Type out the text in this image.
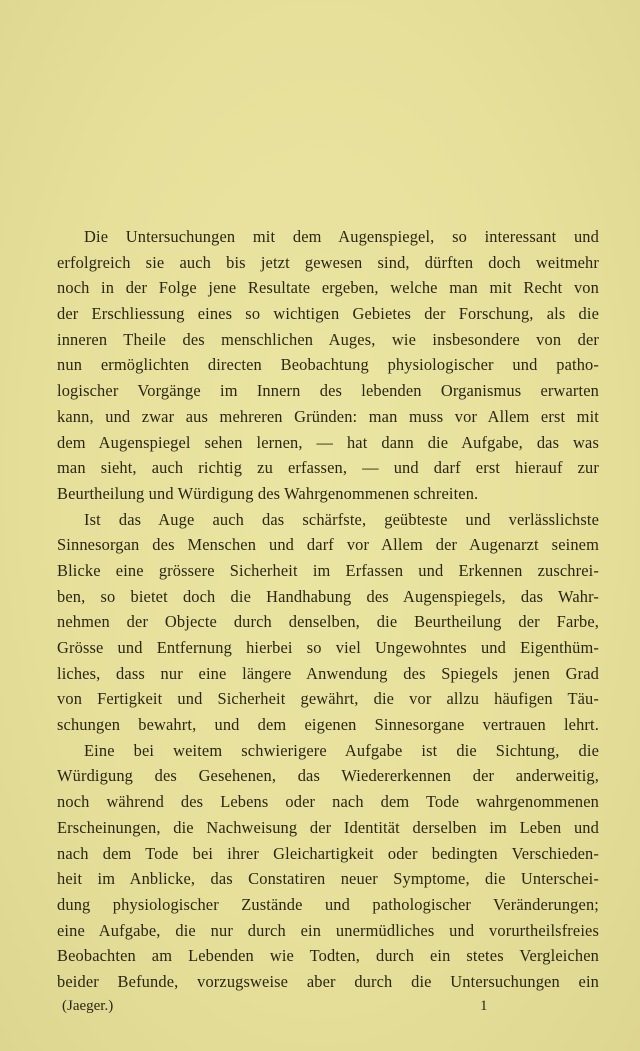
Die Untersuchungen mit dem Augenspiegel, so interessant und
erfolgreich sie auch bis jetzt gewesen sind, dürften doch weitmehr
noch in der Folge jene Resultate ergeben, welche man mit Recht von
der Erschliessung eines so wichtigen Gebietes der Forschung, als die
inneren Theile des menschlichen Auges, wie insbesondere von der
nun ermöglichten directen Beobachtung physiologischer und patho-
logischer Vorgänge im Innern des lebenden Organismus erwarten
kann, und zwar aus mehreren Gründen: man muss vor Allem erst mit
dem Augenspiegel sehen lernen, — hat dann die Aufgabe, das was
man sieht, auch richtig zu erfassen, — und darf erst hierauf zur
Beurtheilung und Würdigung des Wahrgenommenen schreiten.
Ist das Auge auch das schärfste, geübteste und verlässlichste
Sinnesorgan des Menschen und darf vor Allem der Augenarzt seinem
Blicke eine grössere Sicherheit im Erfassen und Erkennen zuschrei-
ben, so bietet doch die Handhabung des Augenspiegels, das Wahr-
nehmen der Objecte durch denselben, die Beurtheilung der Farbe,
Grösse und Entfernung hierbei so viel Ungewohntes und Eigenthüm-
liches, dass nur eine längere Anwendung des Spiegels jenen Grad
von Fertigkeit und Sicherheit gewährt, die vor allzu häufigen Täu-
schungen bewahrt, und dem eigenen Sinnesorgane vertrauen lehrt.
Eine bei weitem schwierigere Aufgabe ist die Sichtung, die
Würdigung des Gesehenen, das Wiedererkennen der anderweitig,
noch während des Lebens oder nach dem Tode wahrgenommenen
Erscheinungen, die Nachweisung der Identität derselben im Leben und
nach dem Tode bei ihrer Gleichartigkeit oder bedingten Verschieden-
heit im Anblicke, das Constatiren neuer Symptome, die Unterschei-
dung physiologischer Zustände und pathologischer Veränderungen;
eine Aufgabe, die nur durch ein unermüdliches und vorurtheilsfreies
Beobachten am Lebenden wie Todten, durch ein stetes Vergleichen
beider Befunde, vorzugsweise aber durch die Untersuchungen ein
(Jaeger.)	1
